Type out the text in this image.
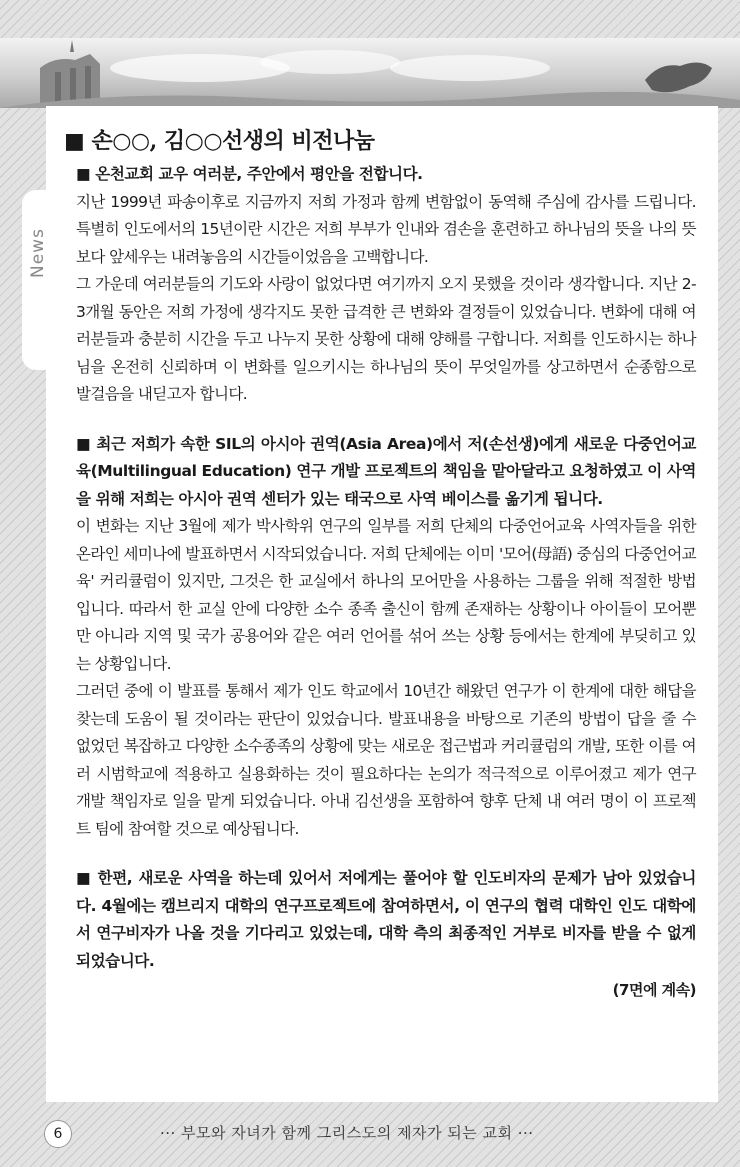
News
■ 손○○, 김○○선생의 비전나눔

■ 온천교회 교우 여러분, 주안에서 평안을 전합니다.

지난 1999년 파송이후로 지금까지 저희 가정과 함께 변함없이 동역해 주심에 감사를 드립니다. 특별히 인도에서의 15년이란 시간은 저희 부부가 인내와 겸손을 훈련하고 하나님의 뜻을 나의 뜻보다 앞세우는 내려놓음의 시간들이었음을 고백합니다.

그 가운데 여러분들의 기도와 사랑이 없었다면 여기까지 오지 못했을 것이라 생각합니다. 지난 2-3개월 동안은 저희 가정에 생각지도 못한 급격한 큰 변화와 결정들이 있었습니다. 변화에 대해 여러분들과 충분히 시간을 두고 나누지 못한 상황에 대해 양해를 구합니다. 저희를 인도하시는 하나님을 온전히 신뢰하며 이 변화를 일으키시는 하나님의 뜻이 무엇일까를 상고하면서 순종함으로 발걸음을 내딛고자 합니다.

■ 최근 저희가 속한 SIL의 아시아 권역(Asia Area)에서 저(손선생)에게 새로운 다중언어교육(Multilingual Education) 연구 개발 프로젝트의 책임을 맡아달라고 요청하였고 이 사역을 위해 저희는 아시아 권역 센터가 있는 태국으로 사역 베이스를 옮기게 됩니다.

이 변화는 지난 3월에 제가 박사학위 연구의 일부를 저희 단체의 다중언어교육 사역자들을 위한 온라인 세미나에 발표하면서 시작되었습니다. 저희 단체에는 이미 '모어(母語) 중심의 다중언어교육' 커리큘럼이 있지만, 그것은 한 교실에서 하나의 모어만을 사용하는 그룹을 위해 적절한 방법입니다. 따라서 한 교실 안에 다양한 소수 종족 출신이 함께 존재하는 상황이나 아이들이 모어뿐만 아니라 지역 및 국가 공용어와 같은 여러 언어를 섞어 쓰는 상황 등에서는 한계에 부딪히고 있는 상황입니다.

그러던 중에 이 발표를 통해서 제가 인도 학교에서 10년간 해왔던 연구가 이 한계에 대한 해답을 찾는데 도움이 될 것이라는 판단이 있었습니다. 발표내용을 바탕으로 기존의 방법이 답을 줄 수 없었던 복잡하고 다양한 소수종족의 상황에 맞는 새로운 접근법과 커리큘럼의 개발, 또한 이를 여러 시범학교에 적용하고 실용화하는 것이 필요하다는 논의가 적극적으로 이루어졌고 제가 연구 개발 책임자로 일을 맡게 되었습니다. 아내 김선생을 포함하여 향후 단체 내 여러 명이 이 프로젝트 팀에 참여할 것으로 예상됩니다.

■ 한편, 새로운 사역을 하는데 있어서 저에게는 풀어야 할 인도비자의 문제가 남아 있었습니다. 4월에는 캠브리지 대학의 연구프로젝트에 참여하면서, 이 연구의 협력 대학인 인도 대학에서 연구비자가 나올 것을 기다리고 있었는데, 대학 측의 최종적인 거부로 비자를 받을 수 없게 되었습니다.

(7면에 계속)
6	··· 부모와 자녀가 함께 그리스도의 제자가 되는 교회 ···
